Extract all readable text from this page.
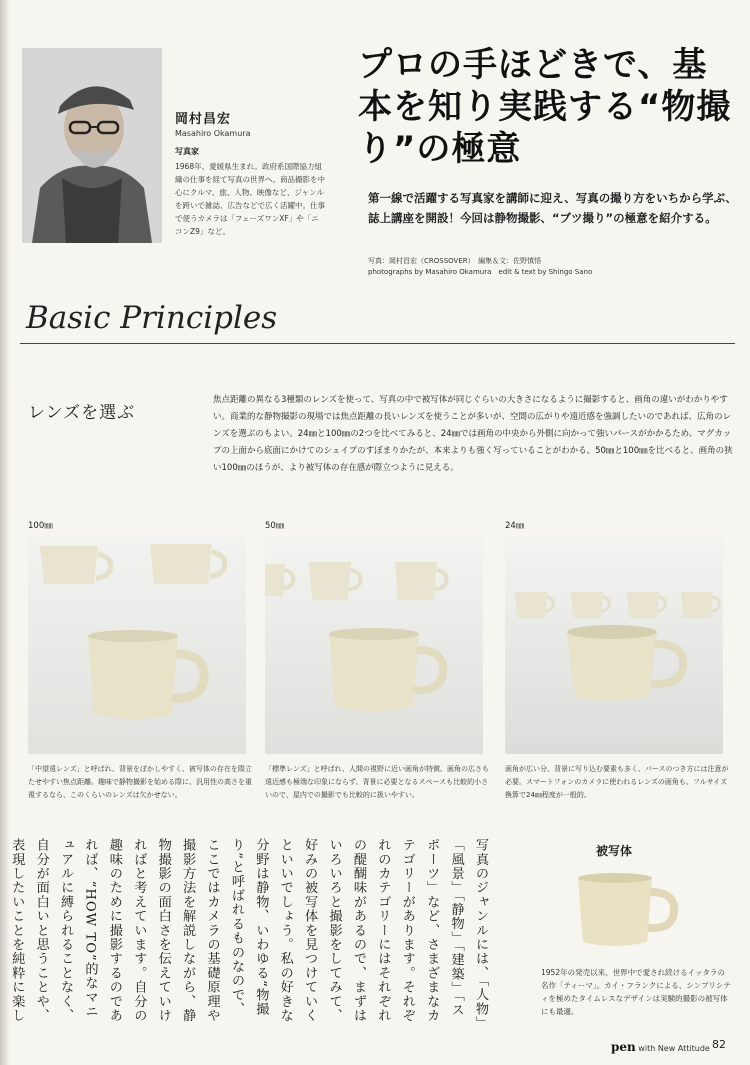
岡村昌宏
Masahiro Okamura
写真家
1968年、愛媛県生まれ。政府系国際協力組織の仕事を経て写真の世界へ。商品撮影を中心にクルマ、旅、人物、映像など、ジャンルを跨いで雑誌、広告などで広く活躍中。仕事で使うカメラは「フェーズワンXF」や「ニコンZ9」など。
プロの手ほどきで、基本を知り実践する“物撮り”の極意
第一線で活躍する写真家を講師に迎え、写真の撮り方をいちから学ぶ、誌上講座を開設！今回は静物撮影、“ブツ撮り”の極意を紹介する。
写真：岡村昌宏（CROSSOVER）　編集＆文：佐野慎悟
photographs by Masahiro Okamura　edit & text by Shingo Sano
Basic Principles
レンズを選ぶ
焦点距離の異なる3種類のレンズを使って、写真の中で被写体が同じぐらいの大きさになるように撮影すると、画角の違いがわかりやすい。商業的な静物撮影の現場では焦点距離の長いレンズを使うことが多いが、空間の広がりや遠近感を強調したいのであれば、広角のレンズを選ぶのもよい。24㎜と100㎜の2つを比べてみると、24㎜では画角の中央から外側に向かって強いパースがかかるため、マグカップの上面から底面にかけてのシェイプのすぼまりかたが、本来よりも強く写っていることがわかる。50㎜と100㎜を比べると、画角の狭い100㎜のほうが、より被写体の存在感が際立つように見える。
100㎜
「中望遠レンズ」と呼ばれ、背景をぼかしやすく、被写体の存在を際立たせやすい焦点距離。趣味で静物撮影を始める際に、汎用性の高さを重視するなら、このくらいのレンズは欠かせない。
50㎜
「標準レンズ」と呼ばれ、人間の視野に近い画角が特徴。画角の広さも遠近感も極端な印象にならず、背景に必要となるスペースも比較的小さいので、屋内での撮影でも比較的に扱いやすい。
24㎜
画角が広い分、背景に写り込む要素も多く、パースのつき方には注意が必要。スマートフォンのカメラに使われるレンズの画角も、フルサイズ換算で24㎜程度が一般的。
写真のジャンルには、「人物」「風景」「静物」「建築」「スポーツ」など、さまざまなカテゴリーがあります。それぞれのカテゴリーにはそれぞれの醍醐味があるので、まずはいろいろと撮影をしてみて、好みの被写体を見つけていくといいでしょう。私の好きな分野は静物、いわゆる“物撮り”と呼ばれるものなので、ここではカメラの基礎原理や撮影方法を解説しながら、静物撮影の面白さを伝えていければと考えています。自分の趣味のために撮影するのであれば、“HOW TO”的なマニュアルに縛られることなく、自分が面白いと思うことや、表現したいことを純粋に楽し
被写体
1952年の発売以来、世界中で愛され続けるイッタラの名作「ティーマ」。カイ・フランクによる、シンプリシティを極めたタイムレスなデザインは実験的撮影の被写体にも最適。
pen with New Attitude 82
